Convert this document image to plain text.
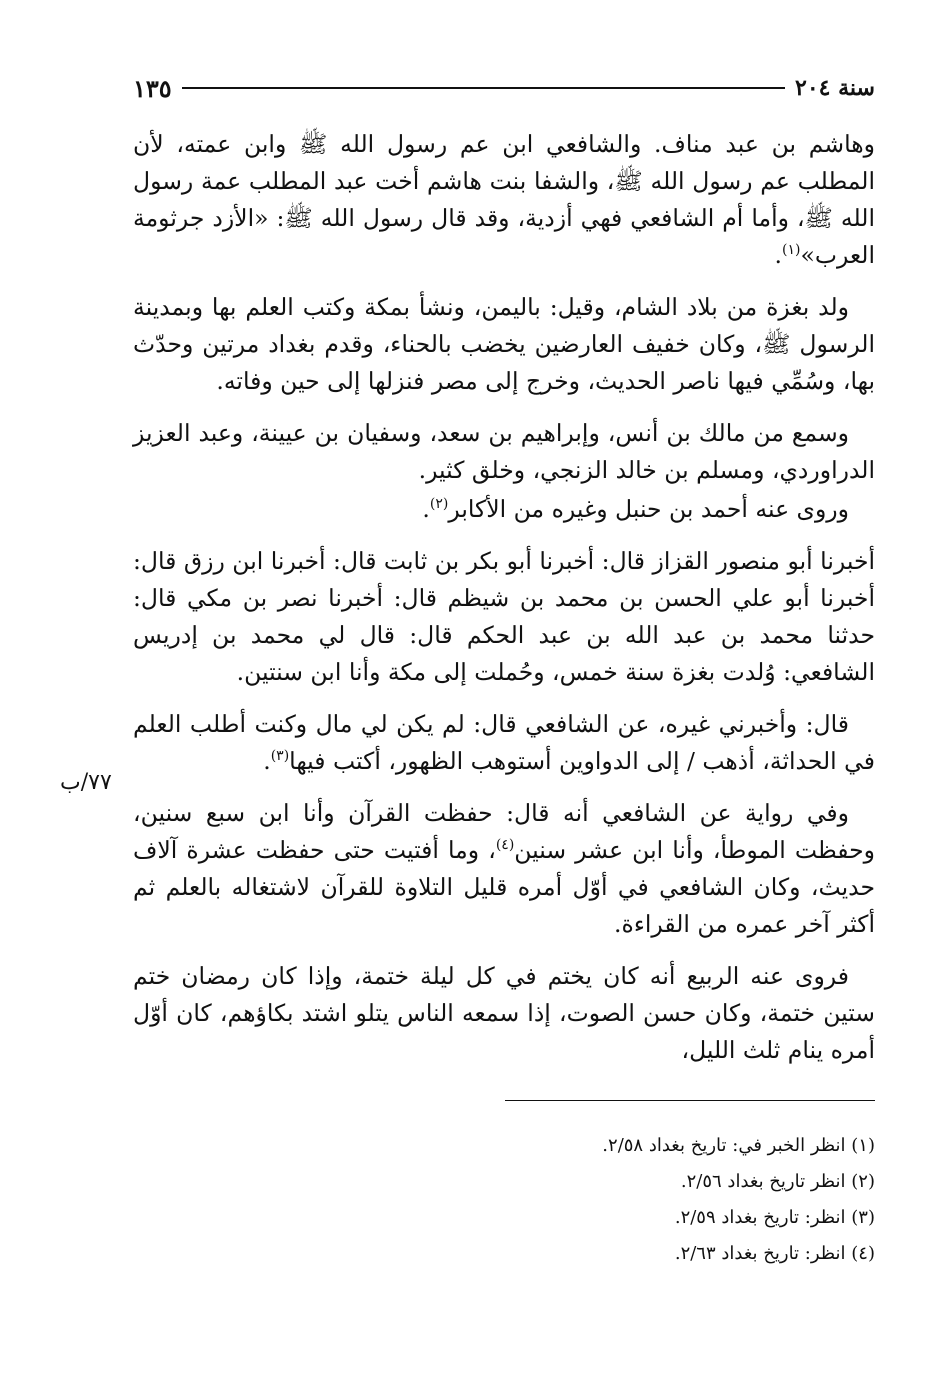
سنة ٢٠٤
١٣٥

وهاشم بن عبد مناف. والشافعي ابن عم رسول الله ﷺ وابن عمته، لأن المطلب عم رسول الله ﷺ، والشفا بنت هاشم أخت عبد المطلب عمة رسول الله ﷺ، وأما أم الشافعي فهي أزدية، وقد قال رسول الله ﷺ: «الأزد جرثومة العرب»$^{(١)}$.

ولد بغزة من بلاد الشام، وقيل: باليمن، ونشأ بمكة وكتب العلم بها وبمدينة الرسول ﷺ، وكان خفيف العارضين يخضب بالحناء، وقدم بغداد مرتين وحدّث بها، وسُمِّي فيها ناصر الحديث، وخرج إلى مصر فنزلها إلى حين وفاته.

وسمع من مالك بن أنس، وإبراهيم بن سعد، وسفيان بن عيينة، وعبد العزيز الدراوردي، ومسلم بن خالد الزنجي، وخلق كثير.

وروى عنه أحمد بن حنبل وغيره من الأكابر$^{(٢)}$.

أخبرنا أبو منصور القزاز قال: أخبرنا أبو بكر بن ثابت قال: أخبرنا ابن رزق قال: أخبرنا أبو علي الحسن بن محمد بن شيظم قال: أخبرنا نصر بن مكي قال: حدثنا محمد بن عبد الله بن عبد الحكم قال: قال لي محمد بن إدريس الشافعي: وُلدت بغزة سنة خمس، وحُملت إلى مكة وأنا ابن سنتين.

قال: وأخبرني غيره، عن الشافعي قال: لم يكن لي مال وكنت أطلب العلم في الحداثة، أذهب / إلى الدواوين أستوهب الظهور، أكتب فيها$^{(٣)}$.

وفي رواية عن الشافعي أنه قال: حفظت القرآن وأنا ابن سبع سنين، وحفظت الموطأ، وأنا ابن عشر سنين$^{(٤)}$، وما أفتيت حتى حفظت عشرة آلاف حديث، وكان الشافعي في أوّل أمره قليل التلاوة للقرآن لاشتغاله بالعلم ثم أكثر آخر عمره من القراءة.

فروى عنه الربيع أنه كان يختم في كل ليلة ختمة، وإذا كان رمضان ختم ستين ختمة، وكان حسن الصوت، إذا سمعه الناس يتلو اشتد بكاؤهم، كان أوّل أمره ينام ثلث الليل،

٧٧/ب
(١) انظر الخبر في: تاريخ بغداد ٢/٥٨.
(٢) انظر تاريخ بغداد ٢/٥٦.
(٣) انظر: تاريخ بغداد ٢/٥٩.
(٤) انظر: تاريخ بغداد ٢/٦٣.
